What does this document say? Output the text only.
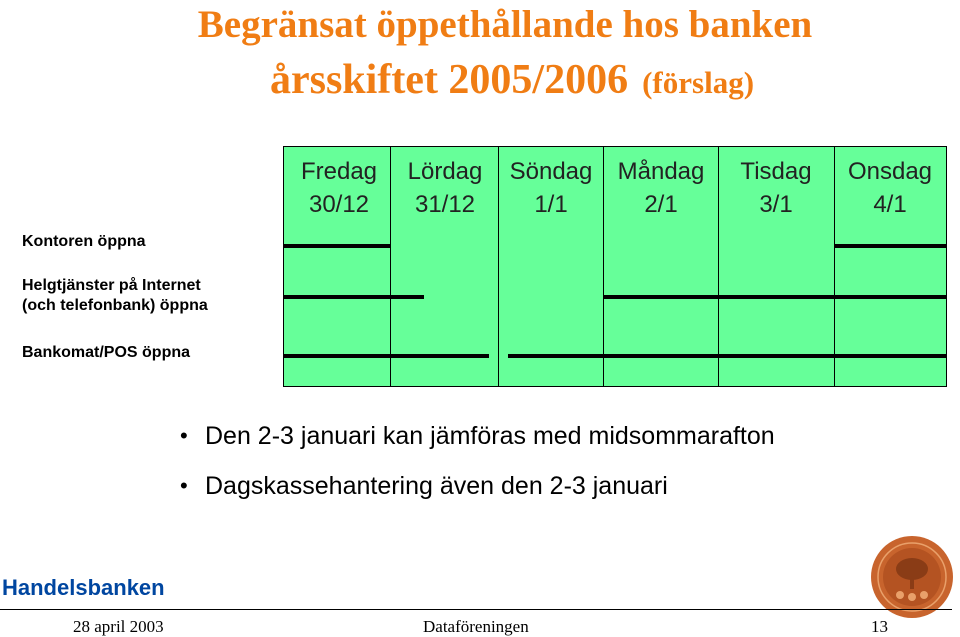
Begränsat öppethållande hos banken
årsskiftet 2005/2006 (förslag)
Fredag
30/12
Lördag
31/12
Söndag
1/1
Måndag
2/1
Tisdag
3/1
Onsdag
4/1
Kontoren öppna
Helgtjänster på Internet
(och telefonbank) öppna
Bankomat/POS öppna
• Den 2-3 januari kan jämföras med midsommarafton
• Dagskassehantering även den 2-3 januari
Handelsbanken
28 april 2003	Dataföreningen	13
